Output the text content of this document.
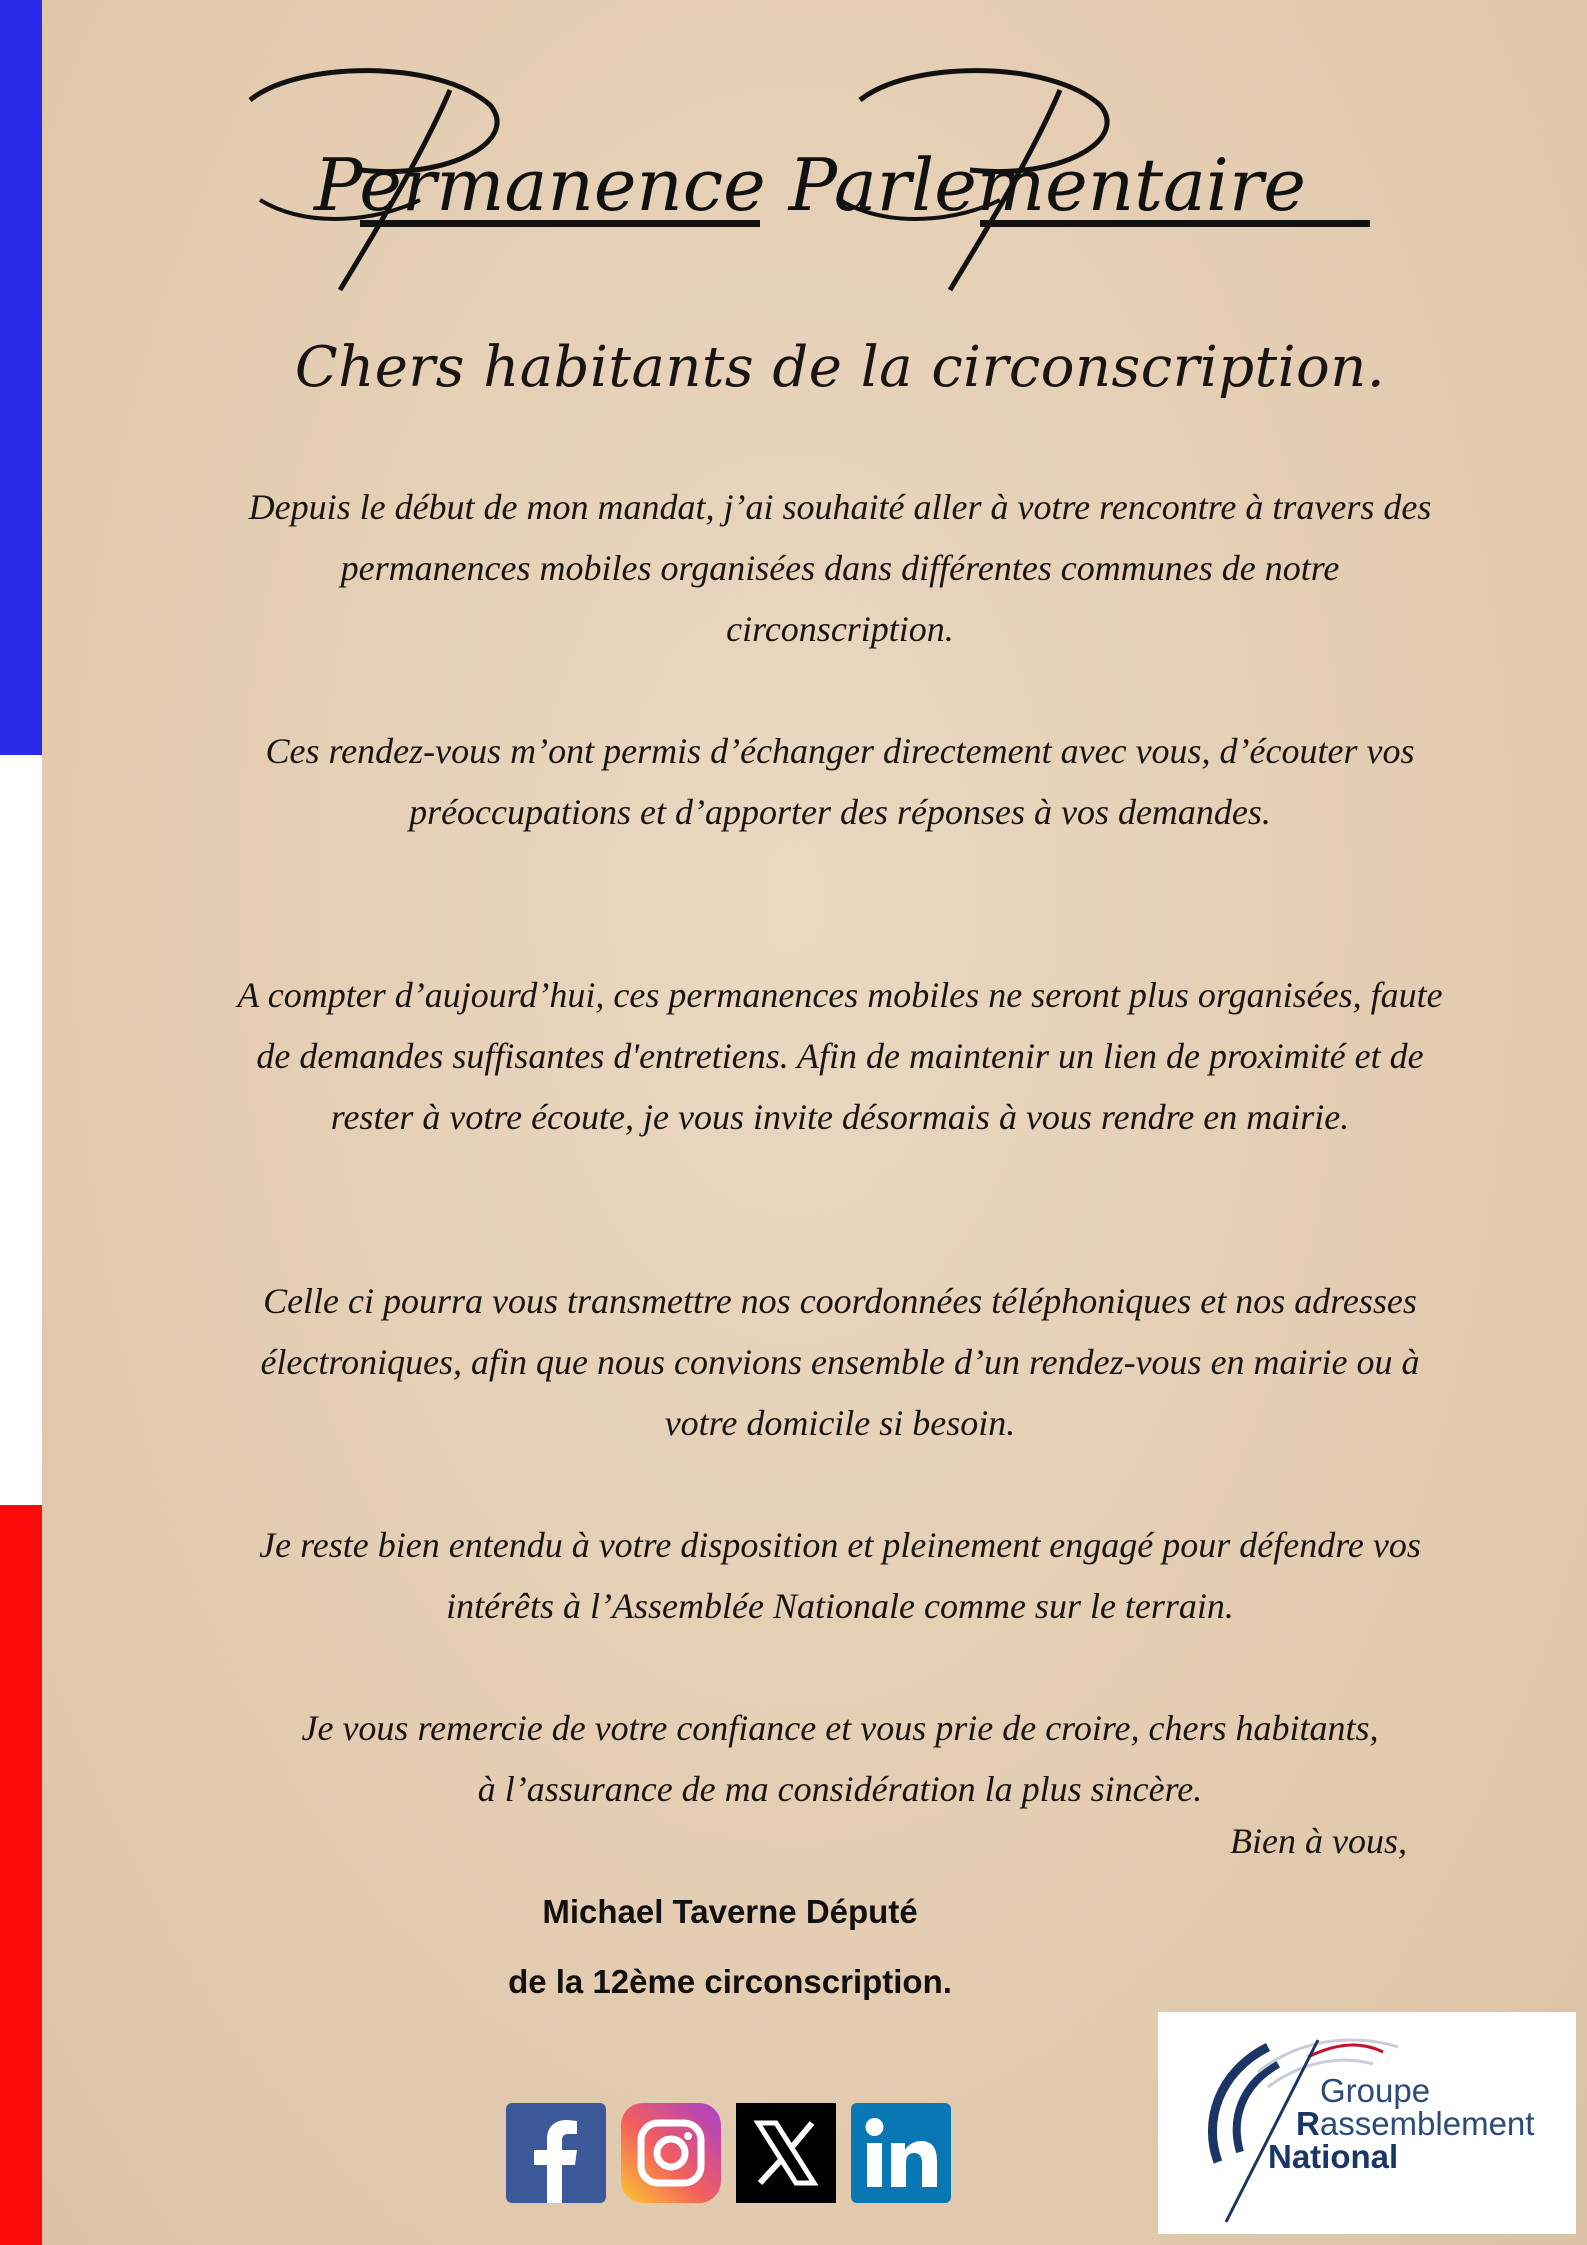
Permanence Parlementaire
Chers habitants de la circonscription.
Depuis le début de mon mandat, j’ai souhaité aller à votre rencontre à travers des permanences mobiles organisées dans différentes communes de notre circonscription.
Ces rendez-vous m’ont permis d’échanger directement avec vous, d’écouter vos préoccupations et d’apporter des réponses à vos demandes.
A compter d’aujourd’hui, ces permanences mobiles ne seront plus organisées, faute de demandes suffisantes d'entretiens. Afin de maintenir un lien de proximité et de rester à votre écoute, je vous invite désormais à vous rendre en mairie.
Celle ci pourra vous transmettre nos coordonnées téléphoniques et nos adresses électroniques, afin que nous convions ensemble d’un rendez-vous en mairie ou à votre domicile si besoin.
Je reste bien entendu à votre disposition et pleinement engagé pour défendre vos intérêts à l’Assemblée Nationale comme sur le terrain.
Je vous remercie de votre confiance et vous prie de croire, chers habitants, à l’assurance de ma considération la plus sincère.
Bien à vous,
Michael Taverne Député
de la 12ème circonscription.
Groupe
Rassemblement
National
